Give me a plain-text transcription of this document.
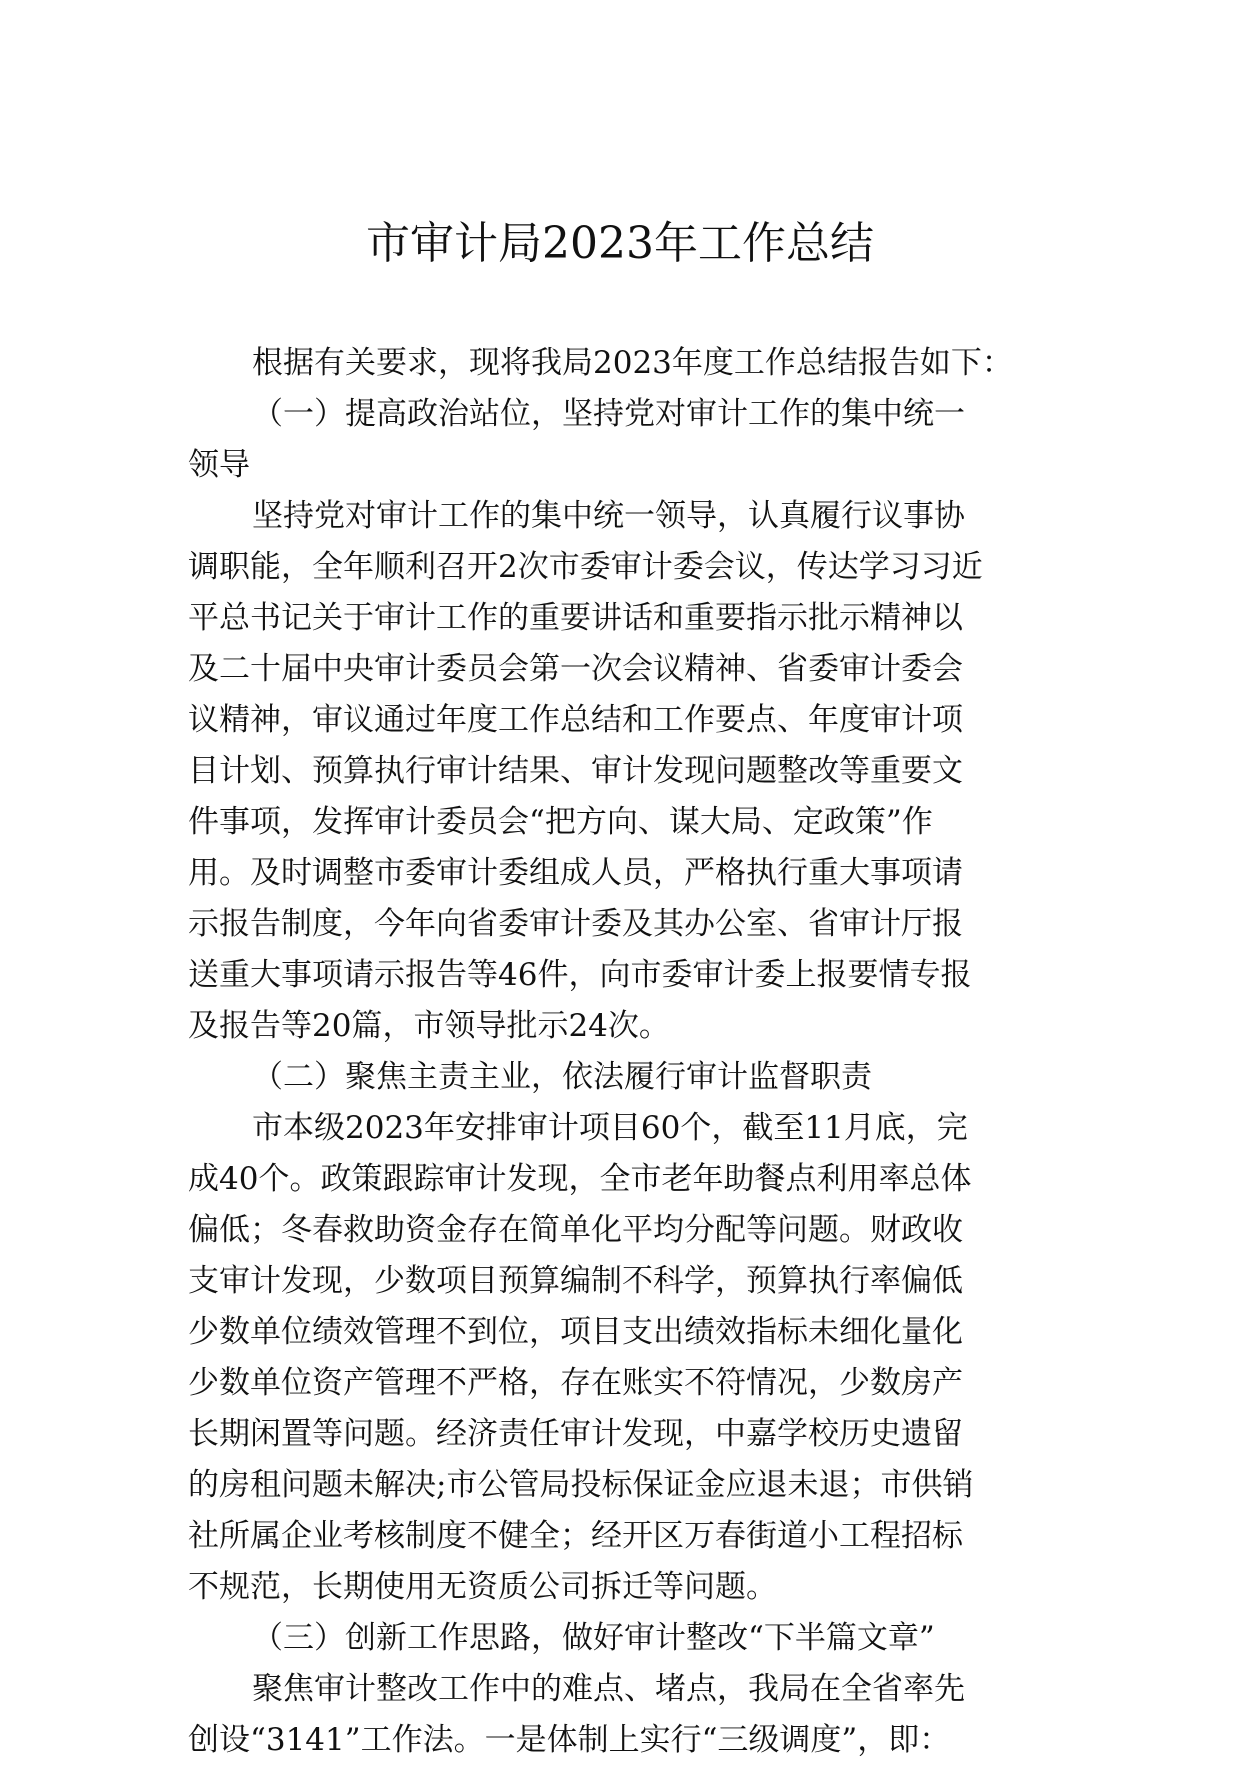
市审计局2023年工作总结
根据有关要求，现将我局2023年度工作总结报告如下：
（一）提高政治站位，坚持党对审计工作的集中统一
领导
坚持党对审计工作的集中统一领导，认真履行议事协
调职能，全年顺利召开2次市委审计委会议，传达学习习近
平总书记关于审计工作的重要讲话和重要指示批示精神以
及二十届中央审计委员会第一次会议精神、省委审计委会
议精神，审议通过年度工作总结和工作要点、年度审计项
目计划、预算执行审计结果、审计发现问题整改等重要文
件事项，发挥审计委员会“把方向、谋大局、定政策”作
用。及时调整市委审计委组成人员，严格执行重大事项请
示报告制度，今年向省委审计委及其办公室、省审计厅报
送重大事项请示报告等46件，向市委审计委上报要情专报
及报告等20篇，市领导批示24次。
（二）聚焦主责主业，依法履行审计监督职责
市本级2023年安排审计项目60个，截至11月底，完
成40个。政策跟踪审计发现，全市老年助餐点利用率总体
偏低；冬春救助资金存在简单化平均分配等问题。财政收
支审计发现，少数项目预算编制不科学，预算执行率偏低
少数单位绩效管理不到位，项目支出绩效指标未细化量化
少数单位资产管理不严格，存在账实不符情况，少数房产
长期闲置等问题。经济责任审计发现，中嘉学校历史遗留
的房租问题未解决;市公管局投标保证金应退未退；市供销
社所属企业考核制度不健全；经开区万春街道小工程招标
不规范，长期使用无资质公司拆迁等问题。
（三）创新工作思路，做好审计整改“下半篇文章”
聚焦审计整改工作中的难点、堵点，我局在全省率先
创设“3141”工作法。一是体制上实行“三级调度”，即：
